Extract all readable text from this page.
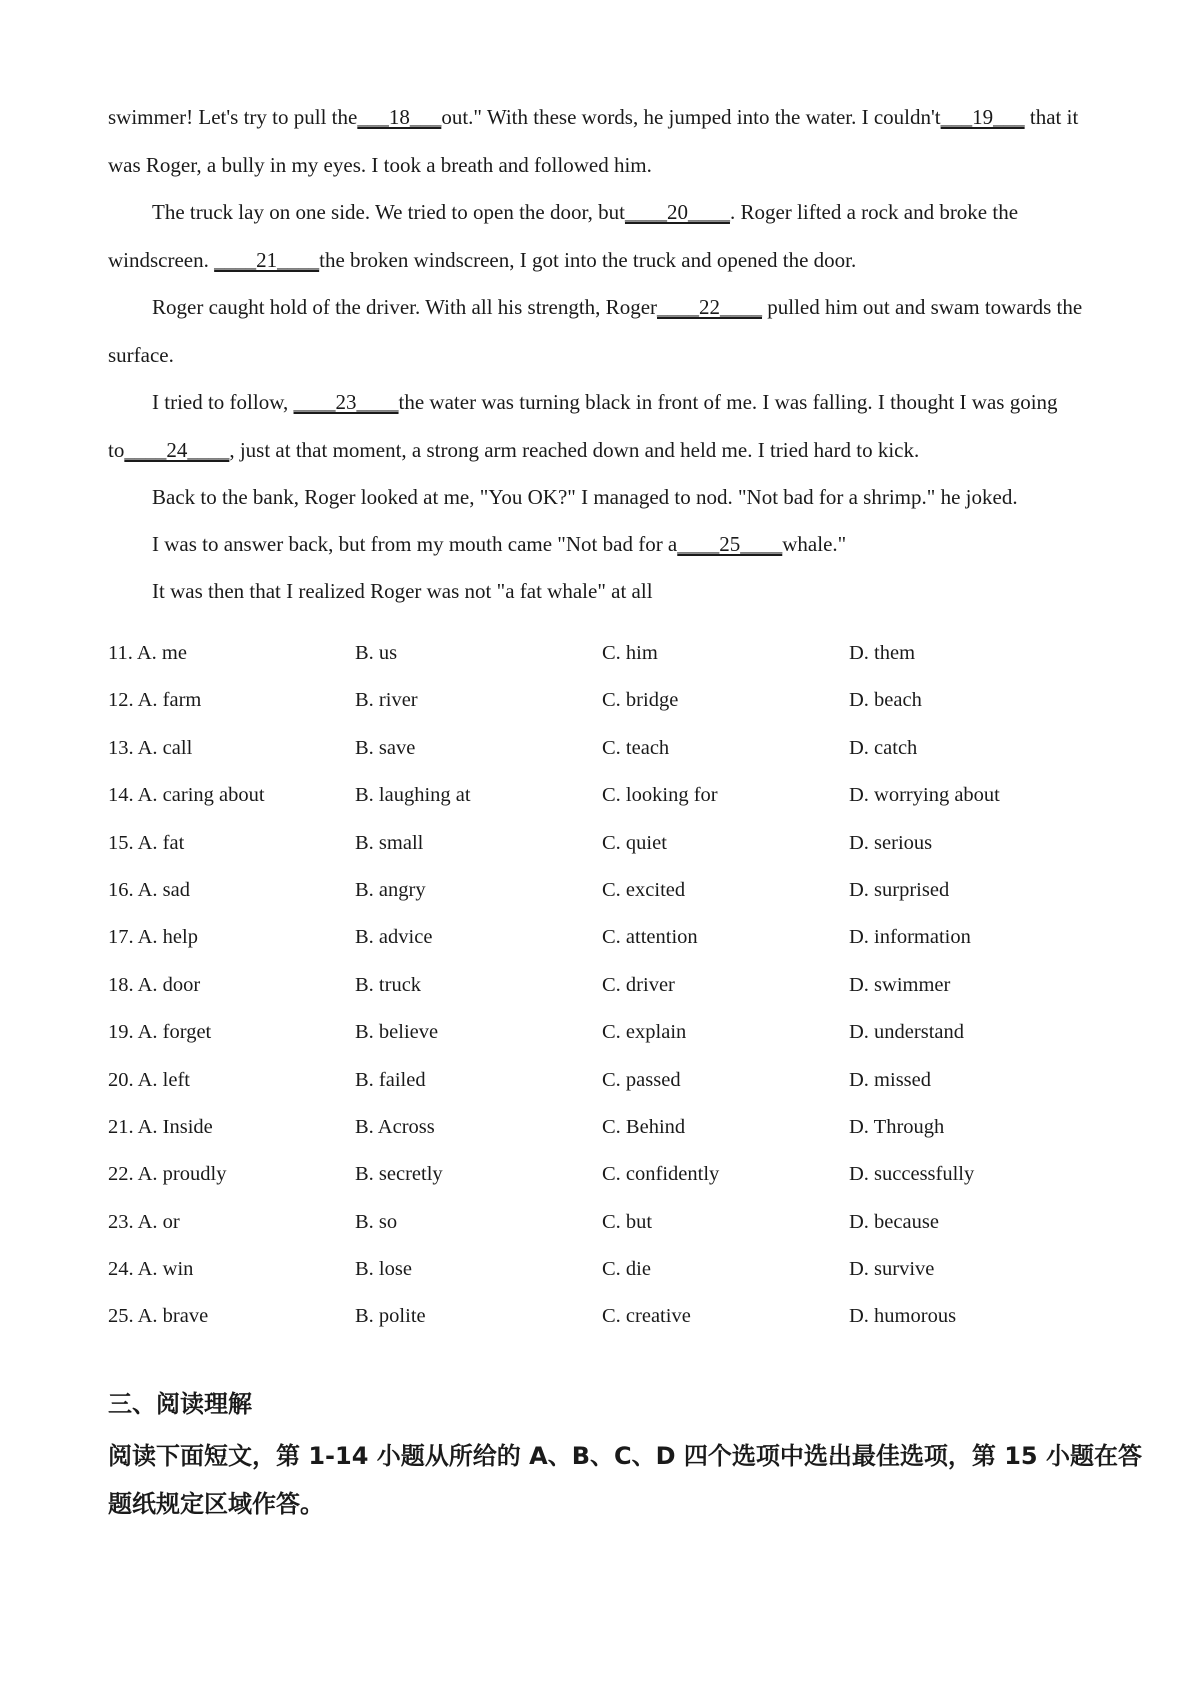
swimmer! Let's try to pull the___18___out." With these words, he jumped into the water. I couldn't___19___ that it
was Roger, a bully in my eyes. I took a breath and followed him.
The truck lay on one side. We tried to open the door, but____20____. Roger lifted a rock and broke the
windscreen. ____21____the broken windscreen, I got into the truck and opened the door.
Roger caught hold of the driver. With all his strength, Roger____22____ pulled him out and swam towards the
surface.
I tried to follow, ____23____the water was turning black in front of me. I was falling. I thought I was going
to____24____, just at that moment, a strong arm reached down and held me. I tried hard to kick.
Back to the bank, Roger looked at me, "You OK?" I managed to nod. "Not bad for a shrimp." he joked.
I was to answer back, but from my mouth came "Not bad for a____25____whale."
It was then that I realized Roger was not "a fat whale" at all
11. A. me	B. us	C. him	D. them
12. A. farm	B. river	C. bridge	D. beach
13. A. call	B. save	C. teach	D. catch
14. A. caring about	B. laughing at	C. looking for	D. worrying about
15. A. fat	B. small	C. quiet	D. serious
16. A. sad	B. angry	C. excited	D. surprised
17. A. help	B. advice	C. attention	D. information
18. A. door	B. truck	C. driver	D. swimmer
19. A. forget	B. believe	C. explain	D. understand
20. A. left	B. failed	C. passed	D. missed
21. A. Inside	B. Across	C. Behind	D. Through
22. A. proudly	B. secretly	C. confidently	D. successfully
23. A. or	B. so	C. but	D. because
24. A. win	B. lose	C. die	D. survive
25. A. brave	B. polite	C. creative	D. humorous
三、阅读理解
阅读下面短文，第 1-14 小题从所给的 A、B、C、D 四个选项中选出最佳选项，第 15 小题在答
题纸规定区域作答。
